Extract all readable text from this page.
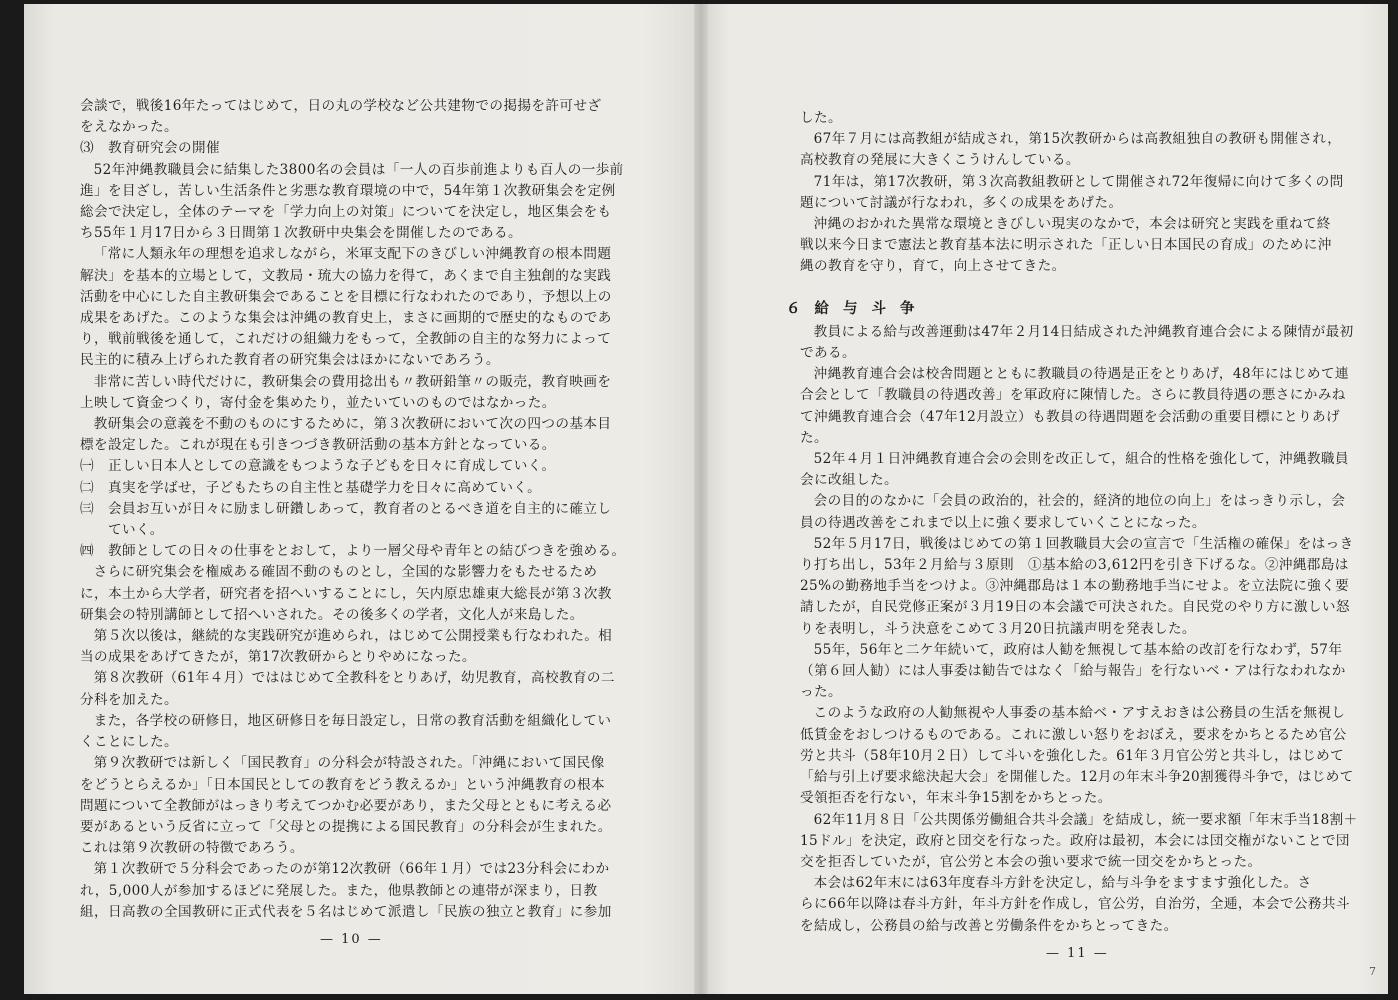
会談で，戦後16年たってはじめて，日の丸の学校など公共建物での掲揚を許可せざ

をえなかった。

⑶　教育研究会の開催

52年沖縄教職員会に結集した3800名の会員は「一人の百歩前進よりも百人の一歩前

進」を目ざし，苦しい生活条件と劣悪な教育環境の中で，54年第１次教研集会を定例

総会で決定し，全体のテーマを「学力向上の対策」についてを決定し，地区集会をも

ち55年１月17日から３日間第１次教研中央集会を開催したのである。

「常に人類永年の理想を追求しながら，米軍支配下のきびしい沖縄教育の根本問題

解決」を基本的立場として，文教局・琉大の協力を得て，あくまで自主独創的な実践

活動を中心にした自主教研集会であることを目標に行なわれたのであり，予想以上の

成果をあげた。このような集会は沖縄の教育史上，まさに画期的で歴史的なものであ

り，戦前戦後を通して，これだけの組織力をもって，全教師の自主的な努力によって

民主的に積み上げられた教育者の研究集会はほかにないであろう。

非常に苦しい時代だけに，教研集会の費用捻出も〃教研鉛筆〃の販売，教育映画を

上映して資金つくり，寄付金を集めたり，並たいていのものではなかった。

教研集会の意義を不動のものにするために，第３次教研において次の四つの基本目

標を設定した。これが現在も引きつづき教研活動の基本方針となっている。

㈠　正しい日本人としての意識をもつような子どもを日々に育成していく。

㈡　真実を学ばせ，子どもたちの自主性と基礎学力を日々に高めていく。

㈢　会員お互いが日々に励まし研鑽しあって，教育者のとるべき道を自主的に確立し

　　ていく。

㈣　教師としての日々の仕事をとおして，より一層父母や青年との結びつきを強める。

さらに研究集会を権威ある確固不動のものとし，全国的な影響力をもたせるため

に，本土から大学者，研究者を招へいすることにし，矢内原忠雄東大総長が第３次教

研集会の特別講師として招へいされた。その後多くの学者，文化人が来島した。

第５次以後は，継続的な実践研究が進められ，はじめて公開授業も行なわれた。相

当の成果をあげてきたが，第17次教研からとりやめになった。

第８次教研（61年４月）でははじめて全教科をとりあげ，幼児教育，高校教育の二

分科を加えた。

また，各学校の研修日，地区研修日を毎日設定し，日常の教育活動を組織化してい

くことにした。

第９次教研では新しく「国民教育」の分科会が特設された。「沖縄において国民像

をどうとらえるか」「日本国民としての教育をどう教えるか」という沖縄教育の根本

問題について全教師がはっきり考えてつかむ必要があり，また父母とともに考える必

要があるという反省に立って「父母との提携による国民教育」の分科会が生まれた。

これは第９次教研の特徴であろう。

第１次教研で５分科会であったのが第12次教研（66年１月）では23分科会にわか

れ，5,000人が参加するほどに発展した。また，他県教師との連帯が深まり，日教

組，日高教の全国教研に正式代表を５名はじめて派遣し「民族の独立と教育」に参加

— 10 —

した。

67年７月には高教組が結成され，第15次教研からは高教組独自の教研も開催され，

高校教育の発展に大きくこうけんしている。

71年は，第17次教研，第３次高教組教研として開催され72年復帰に向けて多くの問

題について討議が行なわれ，多くの成果をあげた。

沖縄のおかれた異常な環境ときびしい現実のなかで，本会は研究と実践を重ねて終

戦以来今日まで憲法と教育基本法に明示された「正しい日本国民の育成」のために沖

縄の教育を守り，育て，向上させてきた。

６給与斗争

教員による給与改善運動は47年２月14日結成された沖縄教育連合会による陳情が最初

である。

沖縄教育連合会は校舎問題とともに教職員の待遇是正をとりあげ，48年にはじめて連

合会として「教職員の待遇改善」を軍政府に陳情した。さらに教員待遇の悪さにかみね

て沖縄教育連合会（47年12月設立）も教員の待遇問題を会活動の重要目標にとりあげ

た。

52年４月１日沖縄教育連合会の会則を改正して，組合的性格を強化して，沖縄教職員

会に改組した。

会の目的のなかに「会員の政治的，社会的，経済的地位の向上」をはっきり示し，会

員の待遇改善をこれまで以上に強く要求していくことになった。

52年５月17日，戦後はじめての第１回教職員大会の宣言で「生活権の確保」をはっき

り打ち出し，53年２月給与３原則　①基本給の3,612円を引き下げるな。②沖縄郡島は

25%の勤務地手当をつけよ。③沖縄郡島は１本の勤務地手当にせよ。を立法院に強く要

請したが，自民党修正案が３月19日の本会議で可決された。自民党のやり方に激しい怒

りを表明し，斗う決意をこめて３月20日抗議声明を発表した。

55年，56年と二ケ年続いて，政府は人勧を無視して基本給の改訂を行なわず，57年

（第６回人勧）には人事委は勧告ではなく「給与報告」を行ないベ・アは行なわれなか

った。

このような政府の人勧無視や人事委の基本給ベ・アすえおきは公務員の生活を無視し

低賃金をおしつけるものである。これに激しい怒りをおぼえ，要求をかちとるため官公

労と共斗（58年10月２日）して斗いを強化した。61年３月官公労と共斗し，はじめて

「給与引上げ要求総決起大会」を開催した。12月の年末斗争20割獲得斗争で，はじめて

受領拒否を行ない，年末斗争15割をかちとった。

62年11月８日「公共関係労働組合共斗会議」を結成し，統一要求額「年末手当18割＋

15ドル」を決定，政府と団交を行なった。政府は最初，本会には団交権がないことで団

交を拒否していたが，官公労と本会の強い要求で統一団交をかちとった。

本会は62年末には63年度春斗方針を決定し，給与斗争をますます強化した。さ

らに66年以降は春斗方針，年斗方針を作成し，官公労，自治労，全逓，本会で公務共斗

を結成し，公務員の給与改善と労働条件をかちとってきた。

— 11 —
7
